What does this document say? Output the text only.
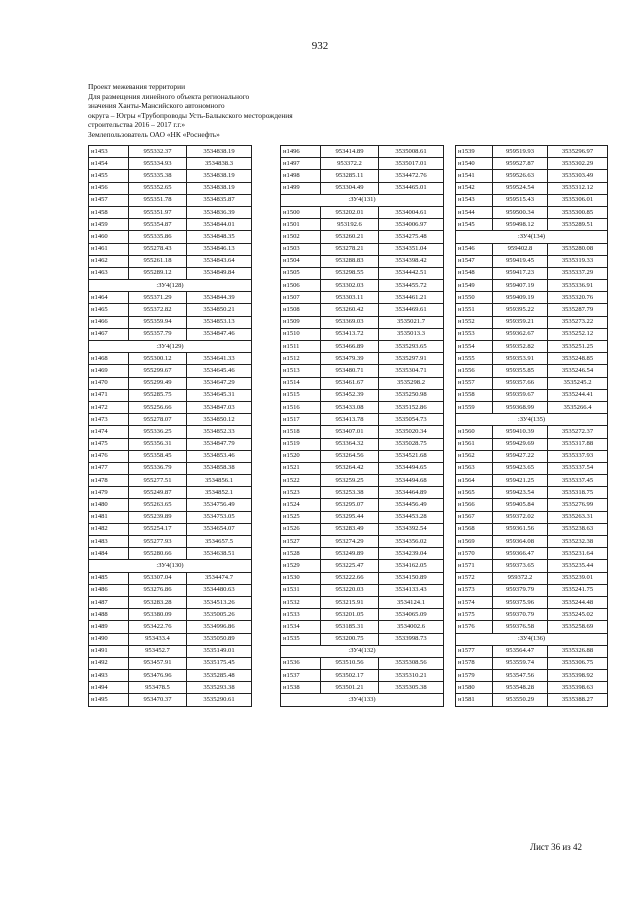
932
Проект межевания территории
Для размещения линейного объекта регионального
значения Ханты-Мансийского автономного
округа – Югры «Трубопроводы Усть-Балыкского месторождения
строительства 2016 – 2017 г.г.»
Землепользователь ОАО «НК «Роснефть»
н1453	955332.37	3534838.19
н1454	955334.93	3534838.3
н1455	955335.38	3534838.19
н1456	955352.65	3534838.19
н1457	955351.78	3534835.87
н1458	955351.97	3534836.39
н1459	955354.87	3534844.01
н1460	955335.86	3534848.35
н1461	955278.43	3534846.13
н1462	955261.18	3534843.64
н1463	955289.12	3534849.84
:ЗУ4(128)		
н1464	955371.29	3534844.39
н1465	955372.82	3534850.21
н1466	955359.94	3534853.13
н1467	955357.79	3534847.46
:ЗУ4(129)		
н1468	955300.12	3534641.33
н1469	955299.67	3534645.46
н1470	955299.49	3534647.29
н1471	955285.75	3534645.31
н1472	955256.66	3534847.03
н1473	955278.07	3534850.12
н1474	955336.25	3534852.33
н1475	955356.31	3534847.79
н1476	955358.45	3534853.46
н1477	955336.79	3534858.38
н1478	955277.51	3534856.1
н1479	955249.87	3534852.1
н1480	955263.65	3534756.49
н1481	955239.89	3534753.05
н1482	955254.17	3534654.07
н1483	955277.93	3534657.5
н1484	955280.66	3534638.51
:ЗУ4(130)		
н1485	953307.04	3534474.7
н1486	953276.86	3534480.63
н1487	953283.28	3534513.26
н1488	953380.09	3535005.26
н1489	953422.76	3534996.86
н1490	953433.4	3535050.89
н1491	953452.7	3535149.01
н1492	953457.91	3535175.45
н1493	953476.96	3535285.48
н1494	953478.5	3535293.38
н1495	953470.37	3535290.61
н1496	953414.89	3535008.61
н1497	953372.2	3535017.01
н1498	953285.11	3534472.76
н1499	953304.49	3534465.01
:ЗУ4(131)		
н1500	953202.01	3534004.61
н1501	953192.6	3534006.97
н1502	953260.21	3534275.48
н1503	953278.21	3534351.04
н1504	953288.83	3534398.42
н1505	953298.55	3534442.51
н1506	953302.03	3534455.72
н1507	953303.11	3534461.21
н1508	953260.42	3534469.61
н1509	953369.03	3535021.7
н1510	953413.72	3535013.3
н1511	953466.89	3535293.65
н1512	953479.39	3535297.91
н1513	953480.71	3535304.71
н1514	953461.67	3535298.2
н1515	953452.39	3535250.98
н1516	953433.08	3535152.86
н1517	953413.78	3535054.73
н1518	953407.01	3535020.34
н1519	953364.32	3535028.75
н1520	953264.56	3534521.68
н1521	953264.42	3534494.65
н1522	953259.25	3534494.68
н1523	953253.38	3534464.89
н1524	953295.07	3534456.49
н1525	953295.44	3534453.28
н1526	953283.49	3534392.54
н1527	953274.29	3534356.02
н1528	953249.89	3534239.04
н1529	953225.47	3534162.05
н1530	953222.66	3534150.89
н1531	953220.03	3534133.43
н1532	953215.91	3534124.1
н1533	953201.05	3534065.09
н1534	953185.31	3534002.6
н1535	953200.75	3533998.73
:ЗУ4(132)		
н1536	953510.56	3535308.56
н1537	953502.17	3535310.21
н1538	953501.21	3535305.38
:ЗУ4(133)		
н1539	959519.93	3535296.97
н1540	959527.87	3535302.29
н1541	959526.63	3535303.49
н1542	959524.54	3535312.12
н1543	959515.43	3535306.01
н1544	959500.34	3535300.85
н1545	959498.12	3535289.51
:ЗУ4(134)		
н1546	959402.8	3535280.08
н1547	959419.45	3535319.33
н1548	959417.23	3535337.29
н1549	959407.19	3535336.91
н1550	959409.19	3535320.76
н1551	959395.22	3535287.79
н1552	959359.21	3535273.22
н1553	959362.67	3535252.12
н1554	959352.82	3535251.25
н1555	959353.91	3535248.85
н1556	959355.85	3535246.54
н1557	959357.66	3535245.2
н1558	959359.67	3535244.41
н1559	959368.99	3535266.4
:ЗУ4(135)		
н1560	959410.39	3535272.37
н1561	959429.69	3535317.88
н1562	959427.22	3535337.93
н1563	959423.65	3535337.54
н1564	959421.25	3535337.45
н1565	959423.54	3535318.75
н1566	959405.84	3535276.99
н1567	959372.02	3535263.31
н1568	959361.56	3535238.63
н1569	959364.08	3535232.38
н1570	959366.47	3535231.64
н1571	959373.65	3535235.44
н1572	959372.2	3535239.01
н1573	959379.79	3535241.75
н1574	959375.96	3535244.48
н1575	959370.79	3535245.02
н1576	959376.58	3535258.69
:ЗУ4(136)		
н1577	953564.47	3535326.88
н1578	953559.74	3535306.75
н1579	953547.56	3535398.92
н1580	953548.28	3535398.63
н1581	953550.29	3535388.27
Лист 36 из 42
